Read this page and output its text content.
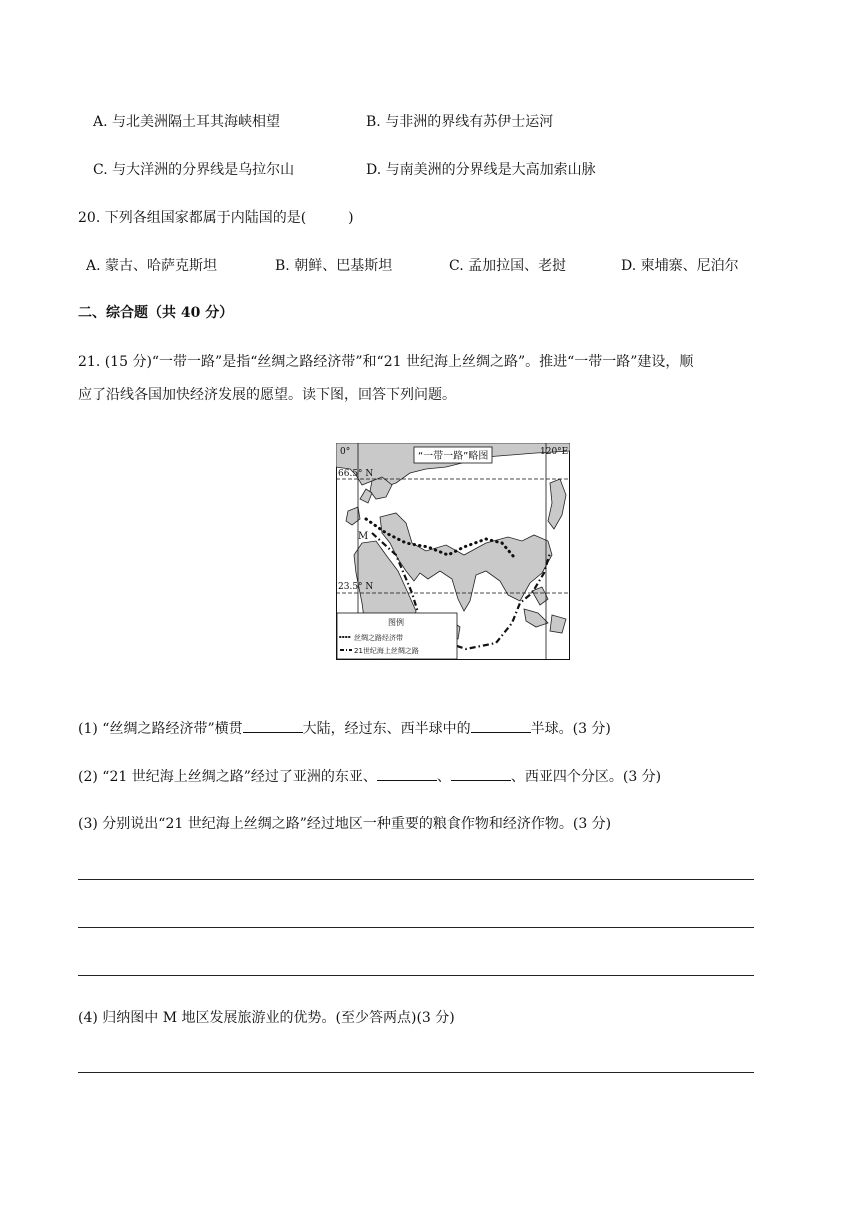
A. 与北美洲隔土耳其海峡相望	B. 与非洲的界线有苏伊士运河
C. 与大洋洲的分界线是乌拉尔山	D. 与南美洲的分界线是大高加索山脉
20. 下列各组国家都属于内陆国的是(　　　)
A. 蒙古、哈萨克斯坦	B. 朝鲜、巴基斯坦	C. 孟加拉国、老挝	D. 柬埔寨、尼泊尔
二、综合题（共 40 分）
21. (15 分)“一带一路”是指“丝绸之路经济带”和“21 世纪海上丝绸之路”。推进“一带一路”建设，顺
应了沿线各国加快经济发展的愿望。读下图，回答下列问题。
“一带一路”略图
0°	120°E
66.5° N
23.5° N
M
图例
丝绸之路经济带
21世纪海上丝绸之路
(1) “丝绸之路经济带”横贯	大陆，经过东、西半球中的	半球。(3 分)
(2) “21 世纪海上丝绸之路”经过了亚洲的东亚、	、	、西亚四个分区。(3 分)
(3) 分别说出“21 世纪海上丝绸之路”经过地区一种重要的粮食作物和经济作物。(3 分)
(4) 归纳图中 M 地区发展旅游业的优势。(至少答两点)(3 分)
